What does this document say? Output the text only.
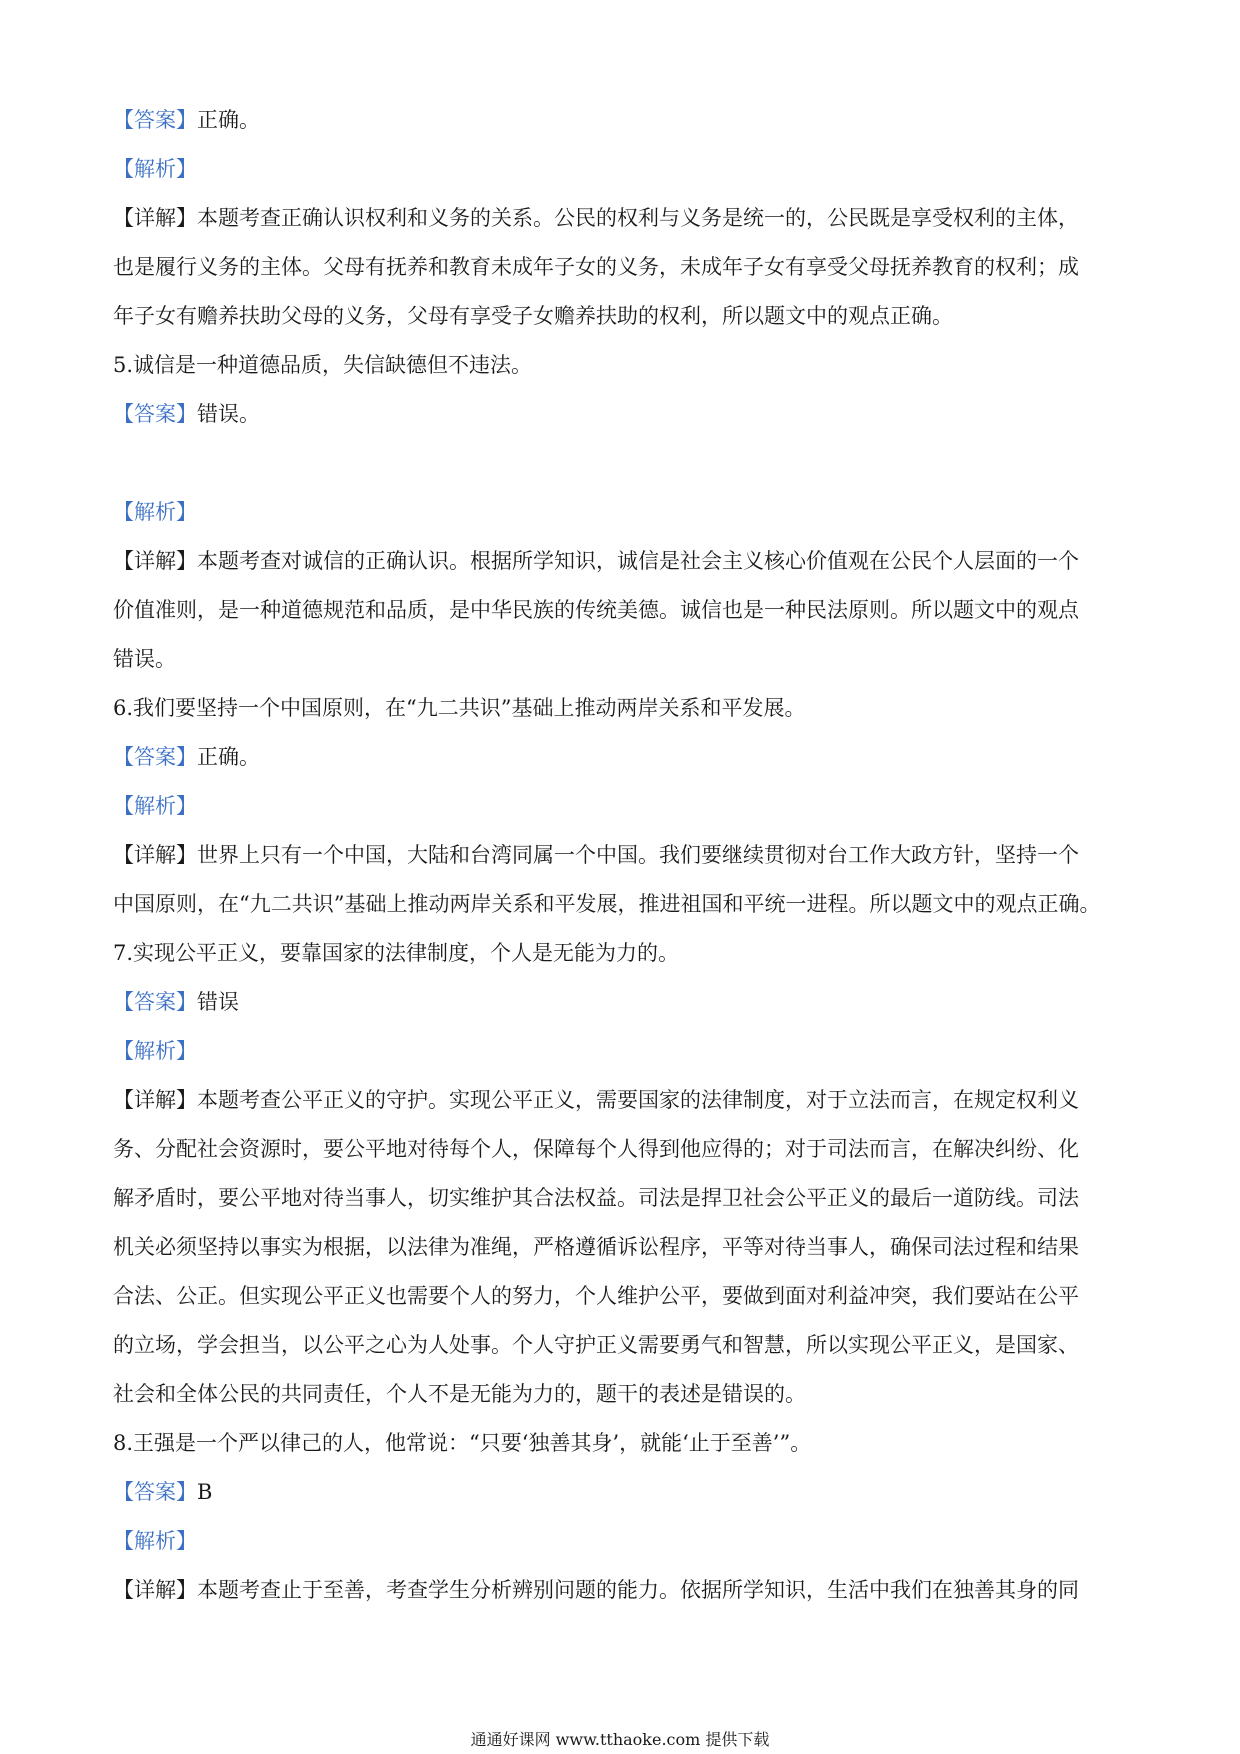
【答案】正确。

【解析】

【详解】本题考查正确认识权利和义务的关系。公民的权利与义务是统一的，公民既是享受权利的主体，

也是履行义务的主体。父母有抚养和教育未成年子女的义务，未成年子女有享受父母抚养教育的权利；成

年子女有赡养扶助父母的义务，父母有享受子女赡养扶助的权利，所以题文中的观点正确。

5.诚信是一种道德品质，失信缺德但不违法。

【答案】错误。

【解析】

【详解】本题考查对诚信的正确认识。根据所学知识，诚信是社会主义核心价值观在公民个人层面的一个

价值准则，是一种道德规范和品质，是中华民族的传统美德。诚信也是一种民法原则。所以题文中的观点

错误。

6.我们要坚持一个中国原则，在“九二共识”基础上推动两岸关系和平发展。

【答案】正确。

【解析】

【详解】世界上只有一个中国，大陆和台湾同属一个中国。我们要继续贯彻对台工作大政方针，坚持一个

中国原则，在“九二共识”基础上推动两岸关系和平发展，推进祖国和平统一进程。所以题文中的观点正确。

7.实现公平正义，要靠国家的法律制度，个人是无能为力的。

【答案】错误

【解析】

【详解】本题考查公平正义的守护。实现公平正义，需要国家的法律制度，对于立法而言，在规定权利义

务、分配社会资源时，要公平地对待每个人，保障每个人得到他应得的；对于司法而言，在解决纠纷、化

解矛盾时，要公平地对待当事人，切实维护其合法权益。司法是捍卫社会公平正义的最后一道防线。司法

机关必须坚持以事实为根据，以法律为准绳，严格遵循诉讼程序，平等对待当事人，确保司法过程和结果

合法、公正。但实现公平正义也需要个人的努力，个人维护公平，要做到面对利益冲突，我们要站在公平

的立场，学会担当，以公平之心为人处事。个人守护正义需要勇气和智慧，所以实现公平正义，是国家、

社会和全体公民的共同责任，个人不是无能为力的，题干的表述是错误的。

8.王强是一个严以律己的人，他常说：“只要‘独善其身’，就能‘止于至善’”。

【答案】B

【解析】

【详解】本题考查止于至善，考查学生分析辨别问题的能力。依据所学知识，生活中我们在独善其身的同

通通好课网 www.tthaoke.com 提供下载
